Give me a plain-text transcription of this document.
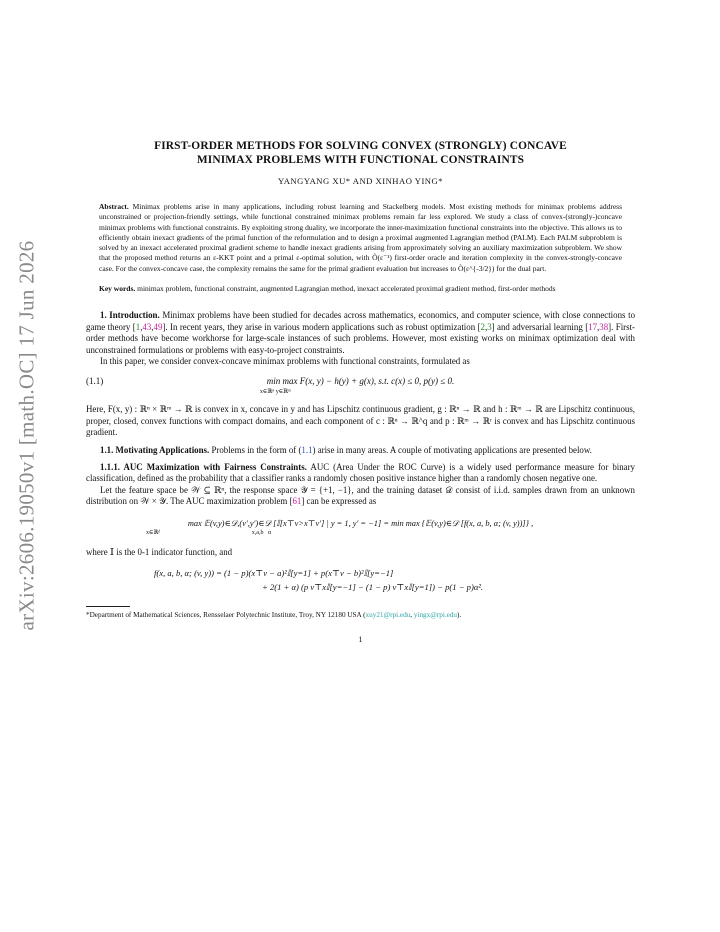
arXiv:2606.19050v1 [math.OC] 17 Jun 2026
FIRST-ORDER METHODS FOR SOLVING CONVEX (STRONGLY) CONCAVE
MINIMAX PROBLEMS WITH FUNCTIONAL CONSTRAINTS
YANGYANG XU* AND XINHAO YING*
Abstract. Minimax problems arise in many applications, including robust learning and Stackelberg models. Most existing methods for minimax problems address unconstrained or projection-friendly settings, while functional constrained minimax problems remain far less explored. We study a class of convex-(strongly-)concave minimax problems with functional constraints. By exploiting strong duality, we incorporate the inner-maximization functional constraints into the objective. This allows us to efficiently obtain inexact gradients of the primal function of the reformulation and to design a proximal augmented Lagrangian method (PALM). Each PALM subproblem is solved by an inexact accelerated proximal gradient scheme to handle inexact gradients arising from approximately solving an auxiliary maximization subproblem. We show that the proposed method returns an ε-KKT point and a primal ε-optimal solution, with Õ(ε⁻¹) first-order oracle and iteration complexity in the convex-strongly-concave case. For the convex-concave case, the complexity remains the same for the primal gradient evaluation but increases to Õ(ε^{-3/2}) for the dual part.
Key words. minimax problem, functional constraint, augmented Lagrangian method, inexact accelerated proximal gradient method, first-order methods

1. Introduction. Minimax problems have been studied for decades across mathematics, economics, and computer science, with close connections to game theory [1,43,49]. In recent years, they arise in various modern applications such as robust optimization [2,3] and adversarial learning [17,38]. First-order methods have become workhorse for large-scale instances of such problems. However, most existing works on minimax optimization deal with unconstrained formulations or problems with easy-to-project constraints.

In this paper, we consider convex-concave minimax problems with functional constraints, formulated as

(1.1)	min max F(x, y) − h(y) + g(x), s.t. c(x) ≤ 0, p(y) ≤ 0.
x∈ℝⁿ y∈ℝᵐ

Here, F(x, y) : ℝⁿ × ℝᵐ → ℝ is convex in x, concave in y and has Lipschitz continuous gradient, g : ℝⁿ → ℝ and h : ℝᵐ → ℝ are Lipschitz continuous, proper, closed, convex functions with compact domains, and each component of c : ℝⁿ → ℝ^q and p : ℝᵐ → ℝʳ is convex and has Lipschitz continuous gradient.

1.1. Motivating Applications. Problems in the form of (1.1) arise in many areas. A couple of motivating applications are presented below.
1.1.1. AUC Maximization with Fairness Constraints. AUC (Area Under the ROC Curve) is a widely used performance measure for binary classification, defined as the probability that a classifier ranks a randomly chosen positive instance higher than a randomly chosen negative one.

Let the feature space be 𝒲 ⊆ ℝⁿ, the response space 𝒴 = {+1, −1}, and the training dataset 𝒟 consist of i.i.d. samples drawn from an unknown distribution on 𝒲 × 𝒴. The AUC maximization problem [61] can be expressed as

max 𝔼(v,y)∈𝒟,(v′,y′)∈𝒟 [𝕀[x⊤v>x⊤v′] | y = 1, y′ = −1] = min max {𝔼(v,y)∈𝒟 [f(x, a, b, α; (v, y))]} ,
x∈ℝᵈ                                                             x,a,b   α

where 𝕀 is the 0-1 indicator function, and

f(x, a, b, α; (v, y)) = (1 − p)(x⊤v − a)²𝕀[y=1] + p(x⊤v − b)²𝕀[y=−1]
+ 2(1 + α) (p v⊤x𝕀[y=−1] − (1 − p) v⊤x𝕀[y=1]) − p(1 − p)α².
*Department of Mathematical Sciences, Rensselaer Polytechnic Institute, Troy, NY 12180 USA (xuy21@rpi.edu, yingx@rpi.edu).
1
